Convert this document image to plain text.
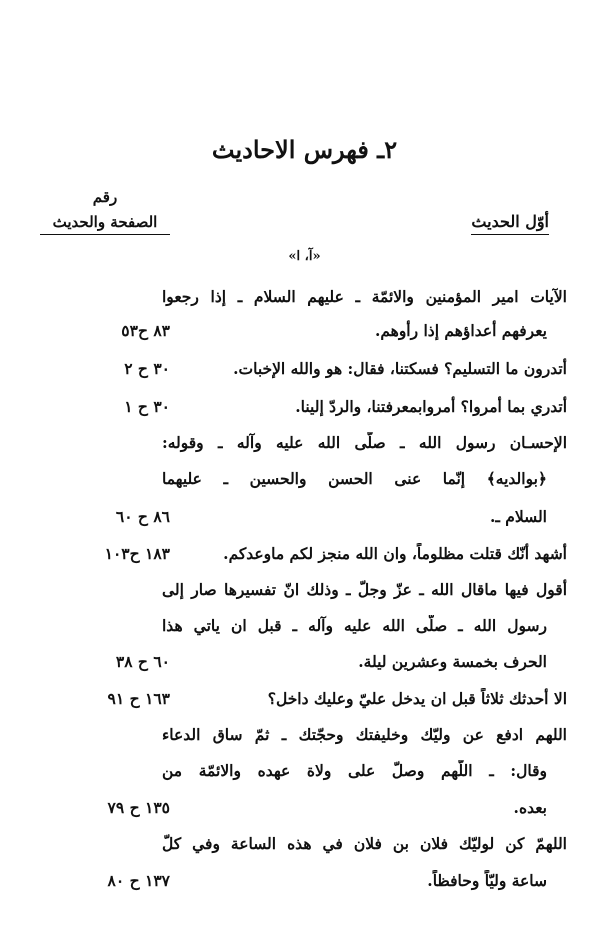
٢ـ فهرس الاحاديث
رقم
الصفحة والحديث	أوّل الحديث
«آ، ا»
الآيات امير المؤمنين والائمّة ـ عليهم السلام ـ إذا رجعوا
يعرفهم أعداؤهم إذا رأوهم.
أتدرون ما التسليم؟ فسكتنا، فقال: هو والله الإخبات.
أتدري بما أمروا؟ أمروابمعرفتنا، والردّ إلينا.
الإحسـان رسول الله ـ صلّى الله عليه وآله ـ وقوله:
﴿بوالديه﴾ إنّما عنى الحسن والحسين ـ عليهما
السلام ـ.
أشهد أنّك قتلت مظلوماً، وان الله منجز لكم ماوعدكم.
أقول فيها ماقال الله ـ عزّ وجلّ ـ وذلك انّ تفسيرها صار إلى
رسول الله ـ صلّى الله عليه وآله ـ قبل ان ياتي هذا
الحرف بخمسة وعشرين ليلة.
الا أحدثك ثلاثاً قبل ان يدخل عليّ وعليك داخل؟
اللهم ادفع عن وليّك وخليفتك وحجّتك ـ ثمّ ساق الدعاء
وقال: ـ اللّهم وصلّ على ولاة عهده والائمّة من
بعده.
اللهمّ كن لوليّك فلان بن فلان في هذه الساعة وفي كلّ
ساعة وليّاً وحافظاً.
٨٣ ح٥٣
٣٠ ح ٢
٣٠ ح ١
٨٦ ح ٦٠
١٨٣ ح١٠٣
٦٠ ح ٣٨
١٦٣ ح ٩١
١٣٥ ح ٧٩
١٣٧ ح ٨٠
